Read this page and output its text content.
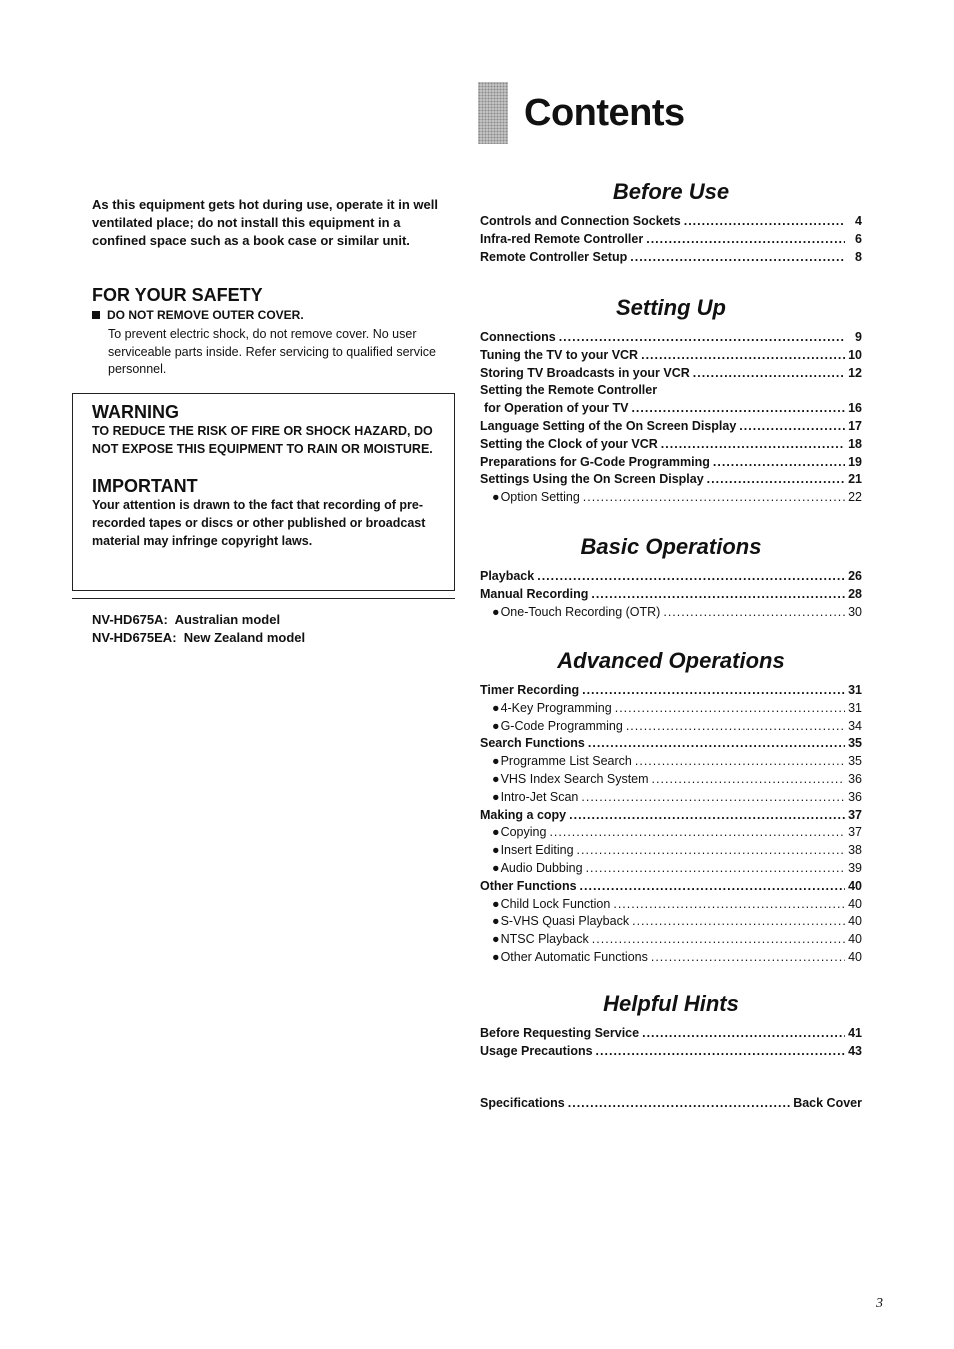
Contents

As this equipment gets hot during use, operate it in well ventilated place; do not install this equipment in a confined space such as a book case or similar unit.

FOR YOUR SAFETY

DO NOT REMOVE OUTER COVER.

To prevent electric shock, do not remove cover. No user serviceable parts inside. Refer servicing to qualified service personnel.

WARNING

TO REDUCE THE RISK OF FIRE OR SHOCK HAZARD, DO NOT EXPOSE THIS EQUIPMENT TO RAIN OR MOISTURE.

IMPORTANT

Your attention is drawn to the fact that recording of pre-recorded tapes or discs or other published or broadcast material may infringe copyright laws.

NV-HD675A:  Australian model
NV-HD675EA:  New Zealand model
Before Use
Controls and Connection Sockets .....	4
Infra-red Remote Controller .....	6
Remote Controller Setup .....	8
Setting Up
Connections .....	9
Tuning the TV to your VCR .....	10
Storing TV Broadcasts in your VCR .....	12
Setting the Remote Controller
for Operation of your TV .....	16
Language Setting of the On Screen Display .....	17
Setting the Clock of your VCR .....	18
Preparations for G-Code Programming .....	19
Settings Using the On Screen Display .....	21
●Option Setting .....	22
Basic Operations
Playback .....	26
Manual Recording .....	28
●One-Touch Recording (OTR) .....	30
Advanced Operations
Timer Recording .....	31
●4-Key Programming .....	31
●G-Code Programming .....	34
Search Functions .....	35
●Programme List Search .....	35
●VHS Index Search System .....	36
●Intro-Jet Scan .....	36
Making a copy .....	37
●Copying .....	37
●Insert Editing .....	38
●Audio Dubbing .....	39
Other Functions .....	40
●Child Lock Function .....	40
●S-VHS Quasi Playback .....	40
●NTSC Playback .....	40
●Other Automatic Functions .....	40
Helpful Hints
Before Requesting Service .....	41
Usage Precautions .....	43
Specifications .....	Back Cover
3
